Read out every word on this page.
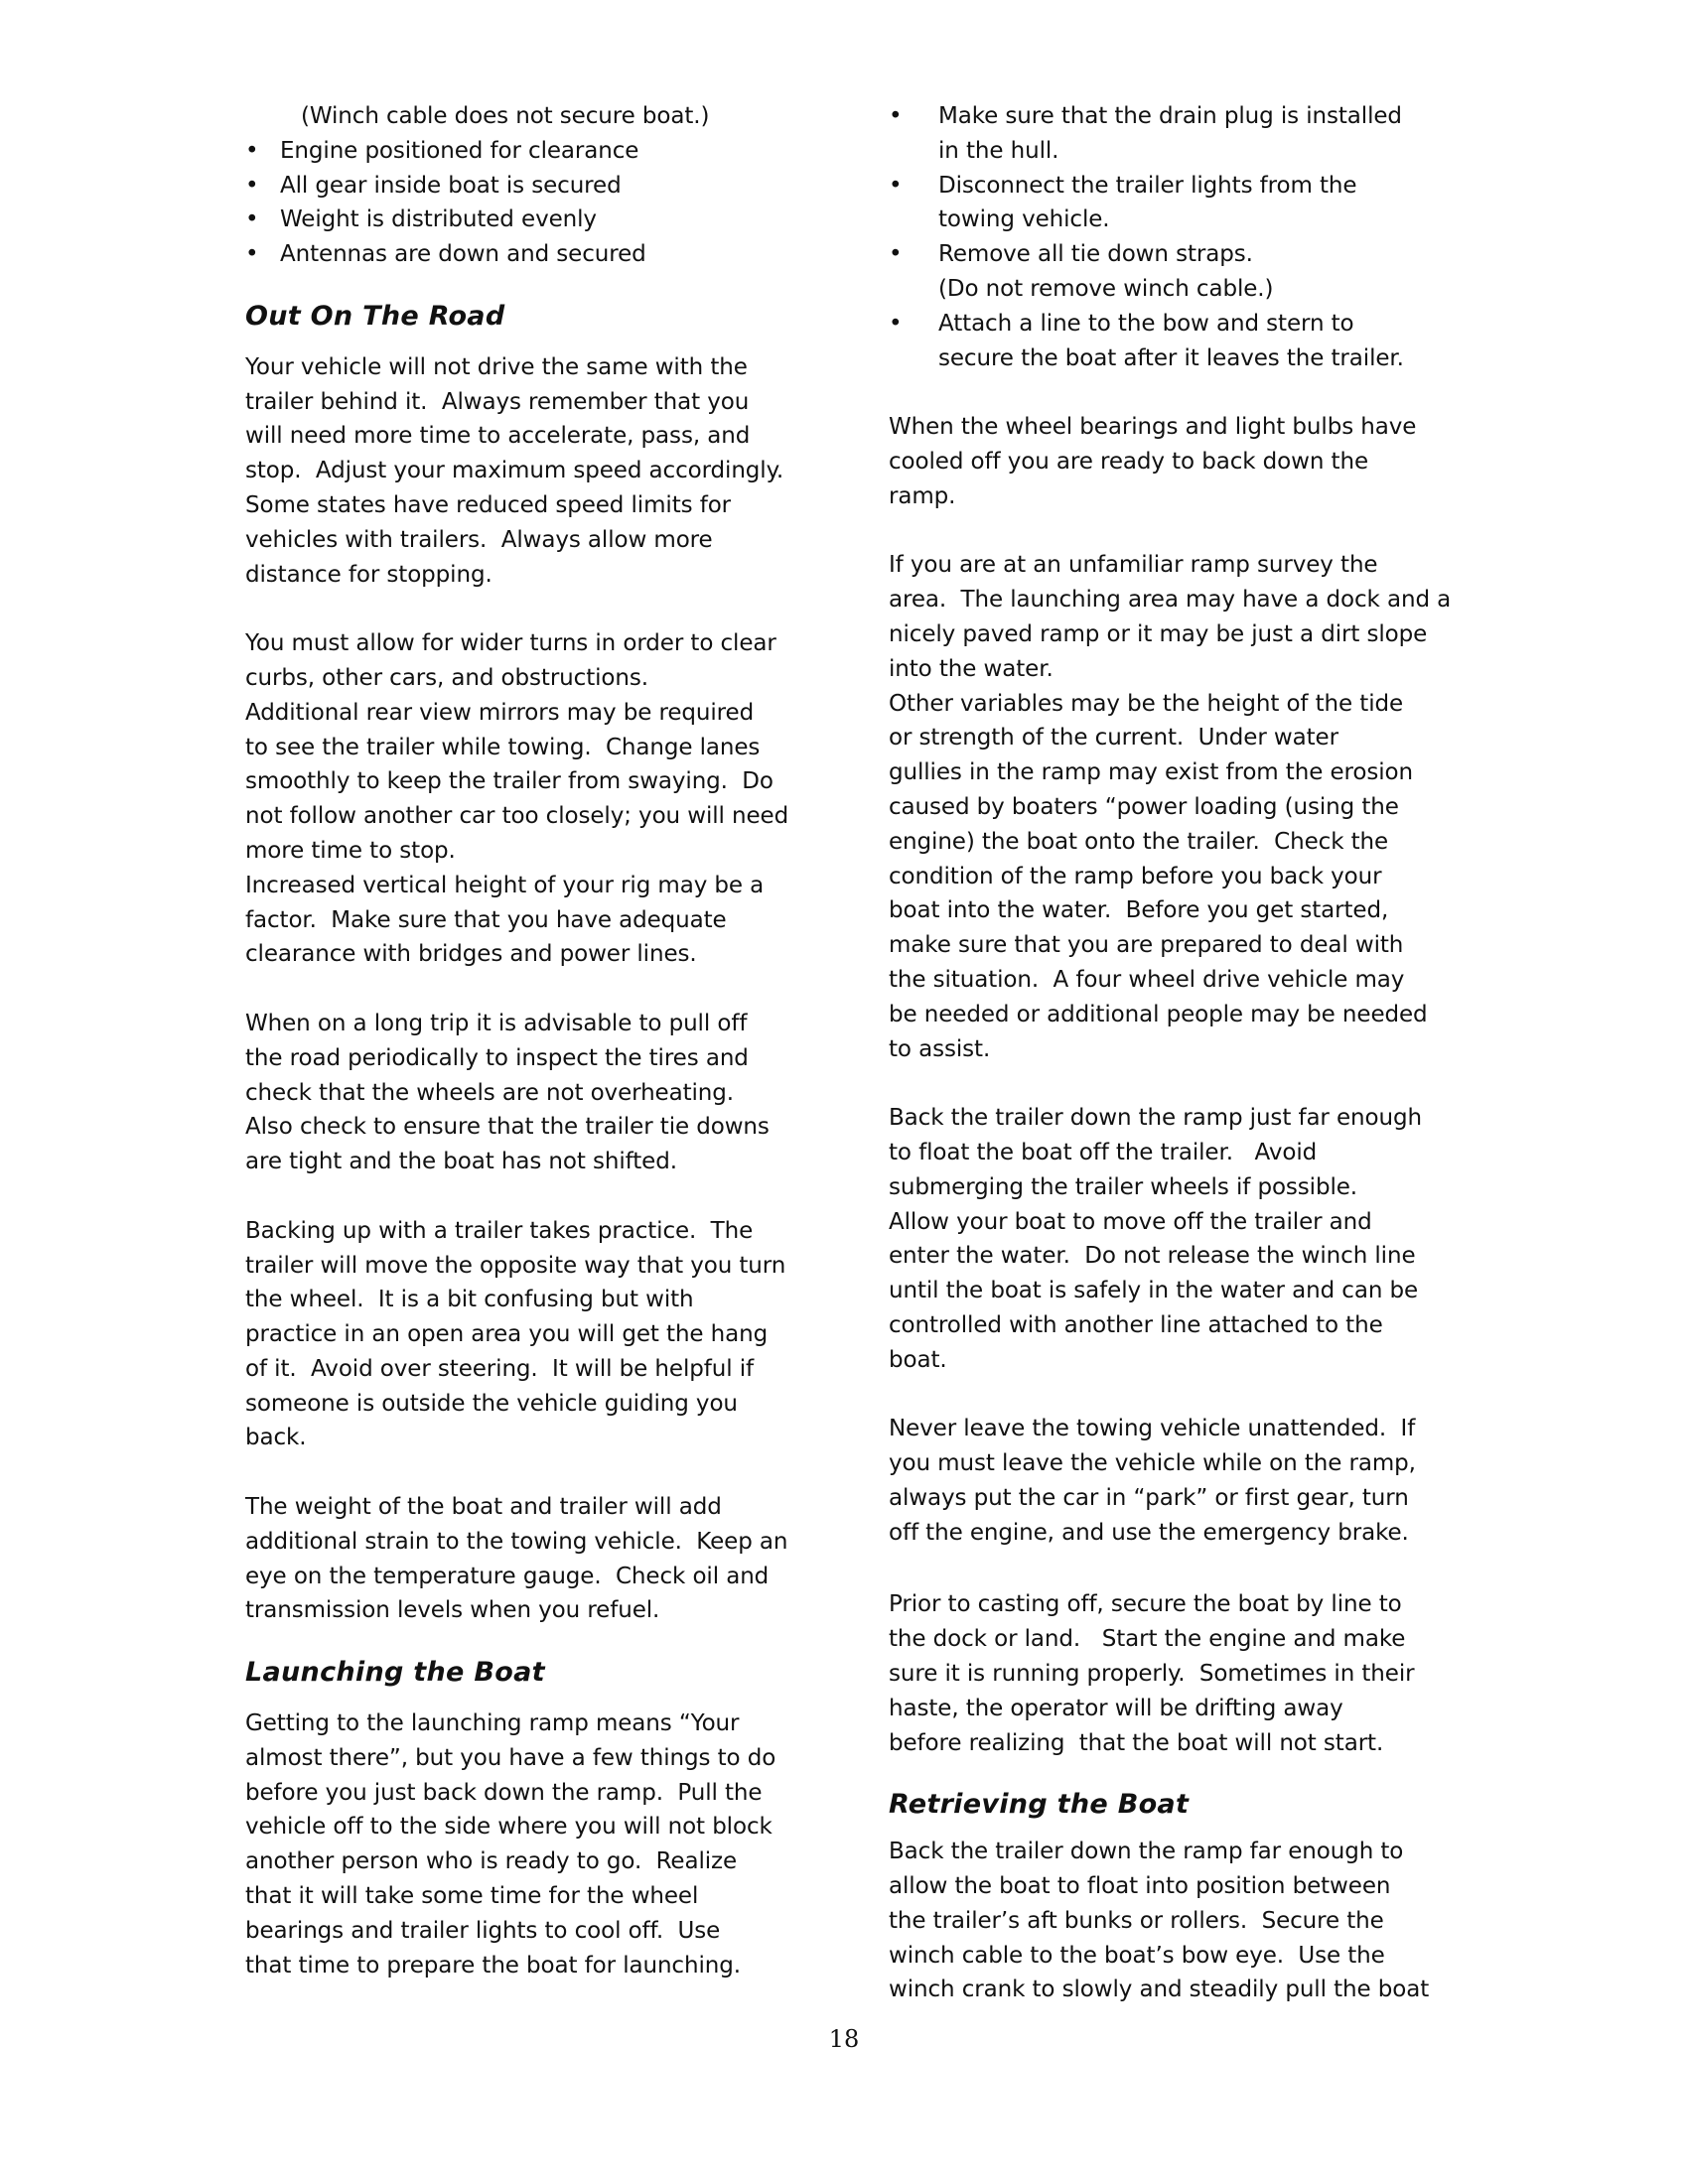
(Winch cable does not secure boat.)
• Engine positioned for clearance
• All gear inside boat is secured
• Weight is distributed evenly
• Antennas are down and secured
Out On The Road
Your vehicle will not drive the same with the
trailer behind it.  Always remember that you
will need more time to accelerate, pass, and
stop.  Adjust your maximum speed accordingly.
Some states have reduced speed limits for
vehicles with trailers.  Always allow more
distance for stopping.
You must allow for wider turns in order to clear
curbs, other cars, and obstructions.
Additional rear view mirrors may be required
to see the trailer while towing.  Change lanes
smoothly to keep the trailer from swaying.  Do
not follow another car too closely; you will need
more time to stop.
Increased vertical height of your rig may be a
factor.  Make sure that you have adequate
clearance with bridges and power lines.
When on a long trip it is advisable to pull off
the road periodically to inspect the tires and
check that the wheels are not overheating.
Also check to ensure that the trailer tie downs
are tight and the boat has not shifted.
Backing up with a trailer takes practice.  The
trailer will move the opposite way that you turn
the wheel.  It is a bit confusing but with
practice in an open area you will get the hang
of it.  Avoid over steering.  It will be helpful if
someone is outside the vehicle guiding you
back.
The weight of the boat and trailer will add
additional strain to the towing vehicle.  Keep an
eye on the temperature gauge.  Check oil and
transmission levels when you refuel.
Launching the Boat
Getting to the launching ramp means “Your
almost there”, but you have a few things to do
before you just back down the ramp.  Pull the
vehicle off to the side where you will not block
another person who is ready to go.  Realize
that it will take some time for the wheel
bearings and trailer lights to cool off.  Use
that time to prepare the boat for launching.
• Make sure that the drain plug is installed
in the hull.
• Disconnect the trailer lights from the
towing vehicle.
• Remove all tie down straps.
(Do not remove winch cable.)
• Attach a line to the bow and stern to
secure the boat after it leaves the trailer.
When the wheel bearings and light bulbs have
cooled off you are ready to back down the
ramp.
If you are at an unfamiliar ramp survey the
area.  The launching area may have a dock and a
nicely paved ramp or it may be just a dirt slope
into the water.
Other variables may be the height of the tide
or strength of the current.  Under water
gullies in the ramp may exist from the erosion
caused by boaters “power loading (using the
engine) the boat onto the trailer.  Check the
condition of the ramp before you back your
boat into the water.  Before you get started,
make sure that you are prepared to deal with
the situation.  A four wheel drive vehicle may
be needed or additional people may be needed
to assist.
Back the trailer down the ramp just far enough
to float the boat off the trailer.   Avoid
submerging the trailer wheels if possible.
Allow your boat to move off the trailer and
enter the water.  Do not release the winch line
until the boat is safely in the water and can be
controlled with another line attached to the
boat.
Never leave the towing vehicle unattended.  If
you must leave the vehicle while on the ramp,
always put the car in “park” or first gear, turn
off the engine, and use the emergency brake.
Prior to casting off, secure the boat by line to
the dock or land.   Start the engine and make
sure it is running properly.  Sometimes in their
haste, the operator will be drifting away
before realizing  that the boat will not start.
Retrieving the Boat
Back the trailer down the ramp far enough to
allow the boat to float into position between
the trailer’s aft bunks or rollers.  Secure the
winch cable to the boat’s bow eye.  Use the
winch crank to slowly and steadily pull the boat
18
